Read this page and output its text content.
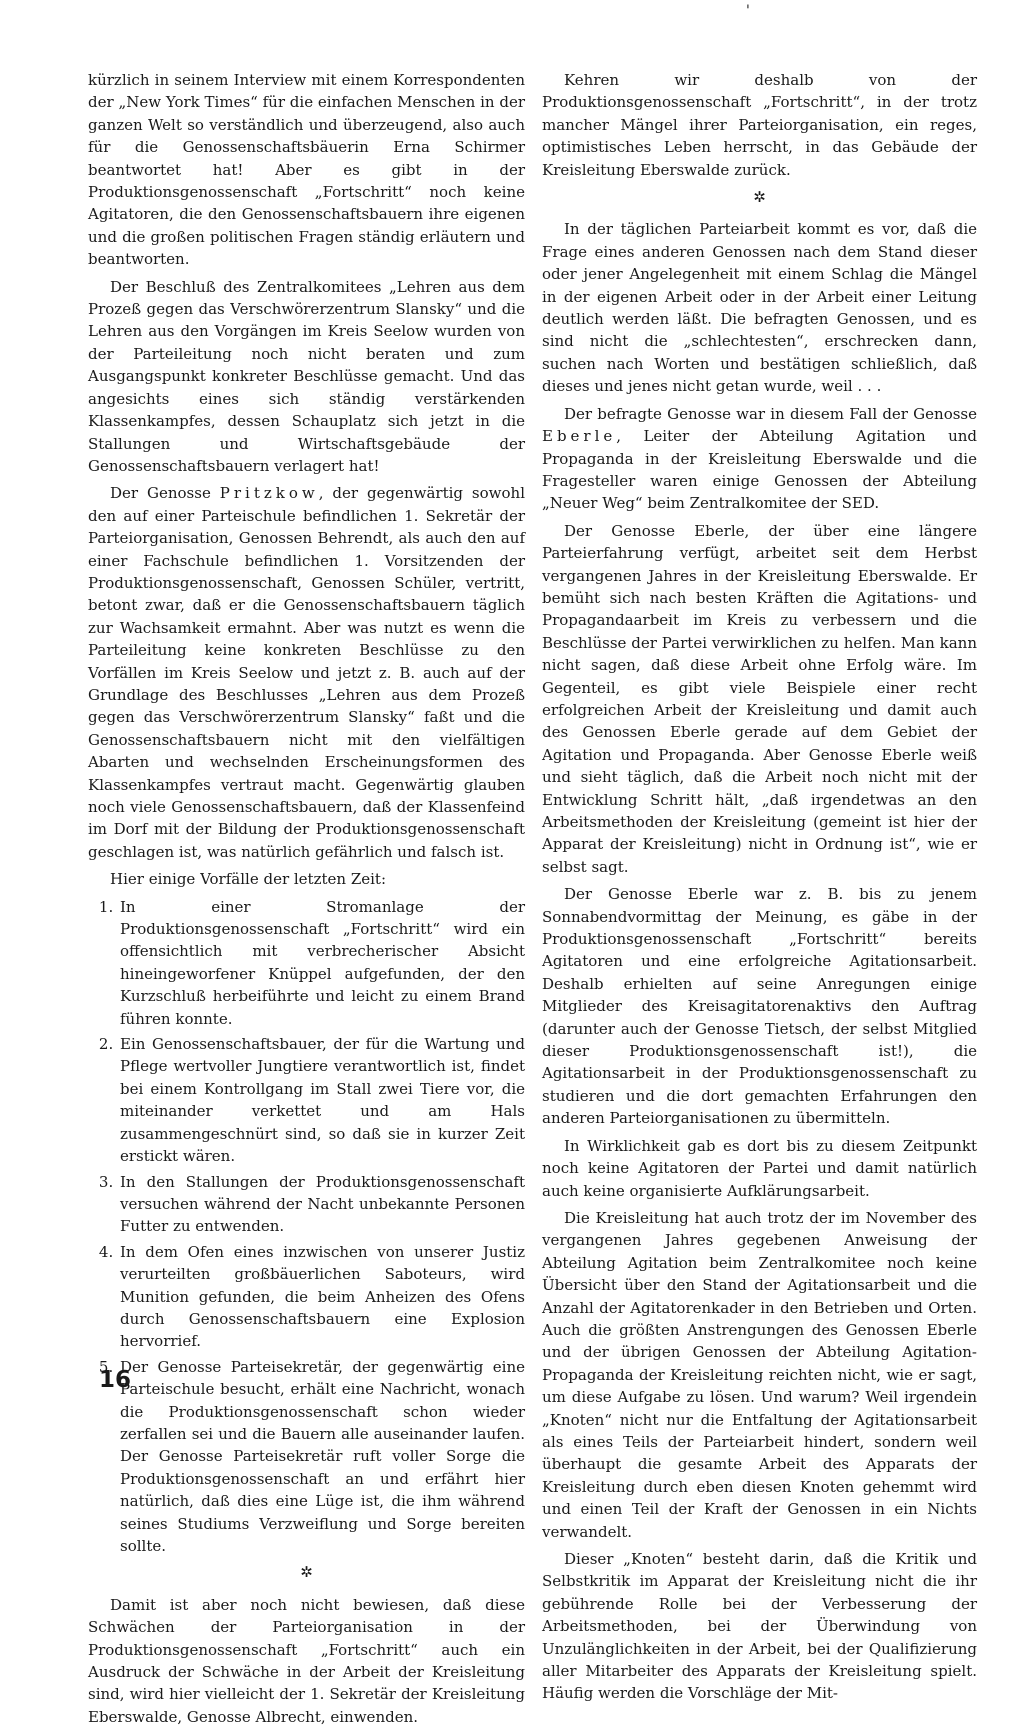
'

kürzlich in seinem Interview mit einem Korrespondenten der „New York Times“ für die einfachen Menschen in der ganzen Welt so verständlich und überzeugend, also auch für die Genossenschaftsbäuerin Erna Schirmer beantwortet hat! Aber es gibt in der Produktionsgenossenschaft „Fortschritt“ noch keine Agitatoren, die den Genossenschaftsbauern ihre eigenen und die großen politischen Fragen ständig erläutern und beantworten.

Der Beschluß des Zentralkomitees „Lehren aus dem Prozeß gegen das Verschwörerzentrum Slansky“ und die Lehren aus den Vorgängen im Kreis Seelow wurden von der Parteileitung noch nicht beraten und zum Ausgangspunkt konkreter Beschlüsse gemacht. Und das angesichts eines sich ständig verstärkenden Klassenkampfes, dessen Schauplatz sich jetzt in die Stallungen und Wirtschaftsgebäude der Genossenschaftsbauern verlagert hat!

Der Genosse Pritzkow, der gegenwärtig sowohl den auf einer Parteischule befindlichen 1. Sekretär der Parteiorganisation, Genossen Behrendt, als auch den auf einer Fachschule befindlichen 1. Vorsitzenden der Produktionsgenossenschaft, Genossen Schüler, vertritt, betont zwar, daß er die Genossenschaftsbauern täglich zur Wachsamkeit ermahnt. Aber was nutzt es wenn die Parteileitung keine konkreten Beschlüsse zu den Vorfällen im Kreis Seelow und jetzt z. B. auch auf der Grundlage des Beschlusses „Lehren aus dem Prozeß gegen das Verschwörerzentrum Slansky“ faßt und die Genossenschaftsbauern nicht mit den vielfältigen Abarten und wechselnden Erscheinungsformen des Klassenkampfes vertraut macht. Gegenwärtig glauben noch viele Genossenschaftsbauern, daß der Klassenfeind im Dorf mit der Bildung der Produktionsgenossenschaft geschlagen ist, was natürlich gefährlich und falsch ist.

Hier einige Vorfälle der letzten Zeit:

1. In einer Stromanlage der Produktionsgenossenschaft „Fortschritt“ wird ein offensichtlich mit verbrecherischer Absicht hineingeworfener Knüppel aufgefunden, der den Kurzschluß herbeiführte und leicht zu einem Brand führen konnte.
2. Ein Genossenschaftsbauer, der für die Wartung und Pflege wertvoller Jungtiere verantwortlich ist, findet bei einem Kontrollgang im Stall zwei Tiere vor, die miteinander verkettet und am Hals zusammengeschnürt sind, so daß sie in kurzer Zeit erstickt wären.
3. In den Stallungen der Produktionsgenossenschaft versuchen während der Nacht unbekannte Personen Futter zu entwenden.
4. In dem Ofen eines inzwischen von unserer Justiz verurteilten großbäuerlichen Saboteurs, wird Munition gefunden, die beim Anheizen des Ofens durch Genossenschaftsbauern eine Explosion hervorrief.
5. Der Genosse Parteisekretär, der gegenwärtig eine Parteischule besucht, erhält eine Nachricht, wonach die Produktionsgenossenschaft schon wieder zerfallen sei und die Bauern alle auseinander laufen. Der Genosse Parteisekretär ruft voller Sorge die Produktionsgenossenschaft an und erfährt hier natürlich, daß dies eine Lüge ist, die ihm während seines Studiums Verzweiflung und Sorge bereiten sollte.
✲

Damit ist aber noch nicht bewiesen, daß diese Schwächen der Parteiorganisation in der Produktionsgenossenschaft „Fortschritt“ auch ein Ausdruck der Schwäche in der Arbeit der Kreisleitung sind, wird hier vielleicht der 1. Sekretär der Kreisleitung Eberswalde, Genosse Albrecht, einwenden.

Kehren wir deshalb von der Produktionsgenossenschaft „Fortschritt“, in der trotz mancher Mängel ihrer Parteiorganisation, ein reges, optimistisches Leben herrscht, in das Gebäude der Kreisleitung Eberswalde zurück.

✲

In der täglichen Parteiarbeit kommt es vor, daß die Frage eines anderen Genossen nach dem Stand dieser oder jener Angelegenheit mit einem Schlag die Mängel in der eigenen Arbeit oder in der Arbeit einer Leitung deutlich werden läßt. Die befragten Genossen, und es sind nicht die „schlechtesten“, erschrecken dann, suchen nach Worten und bestätigen schließlich, daß dieses und jenes nicht getan wurde, weil . . .

Der befragte Genosse war in diesem Fall der Genosse Eberle, Leiter der Abteilung Agitation und Propaganda in der Kreisleitung Eberswalde und die Fragesteller waren einige Genossen der Abteilung „Neuer Weg“ beim Zentralkomitee der SED.

Der Genosse Eberle, der über eine längere Parteierfahrung verfügt, arbeitet seit dem Herbst vergangenen Jahres in der Kreisleitung Eberswalde. Er bemüht sich nach besten Kräften die Agitations- und Propagandaarbeit im Kreis zu verbessern und die Beschlüsse der Partei verwirklichen zu helfen. Man kann nicht sagen, daß diese Arbeit ohne Erfolg wäre. Im Gegenteil, es gibt viele Beispiele einer recht erfolgreichen Arbeit der Kreisleitung und damit auch des Genossen Eberle gerade auf dem Gebiet der Agitation und Propaganda. Aber Genosse Eberle weiß und sieht täglich, daß die Arbeit noch nicht mit der Entwicklung Schritt hält, „daß irgendetwas an den Arbeitsmethoden der Kreisleitung (gemeint ist hier der Apparat der Kreisleitung) nicht in Ordnung ist“, wie er selbst sagt.

Der Genosse Eberle war z. B. bis zu jenem Sonnabendvormittag der Meinung, es gäbe in der Produktionsgenossenschaft „Fortschritt“ bereits Agitatoren und eine erfolgreiche Agitationsarbeit. Deshalb erhielten auf seine Anregungen einige Mitglieder des Kreisagitatorenaktivs den Auftrag (darunter auch der Genosse Tietsch, der selbst Mitglied dieser Produktionsgenossenschaft ist!), die Agitationsarbeit in der Produktionsgenossenschaft zu studieren und die dort gemachten Erfahrungen den anderen Parteiorganisationen zu übermitteln.

In Wirklichkeit gab es dort bis zu diesem Zeitpunkt noch keine Agitatoren der Partei und damit natürlich auch keine organisierte Aufklärungsarbeit.

Die Kreisleitung hat auch trotz der im November des vergangenen Jahres gegebenen Anweisung der Abteilung Agitation beim Zentralkomitee noch keine Übersicht über den Stand der Agitationsarbeit und die Anzahl der Agitatorenkader in den Betrieben und Orten. Auch die größten Anstrengungen des Genossen Eberle und der übrigen Genossen der Abteilung Agitation-Propaganda der Kreisleitung reichten nicht, wie er sagt, um diese Aufgabe zu lösen. Und warum? Weil irgendein „Knoten“ nicht nur die Entfaltung der Agitationsarbeit als eines Teils der Parteiarbeit hindert, sondern weil überhaupt die gesamte Arbeit des Apparats der Kreisleitung durch eben diesen Knoten gehemmt wird und einen Teil der Kraft der Genossen in ein Nichts verwandelt.

Dieser „Knoten“ besteht darin, daß die Kritik und Selbstkritik im Apparat der Kreisleitung nicht die ihr gebührende Rolle bei der Verbesserung der Arbeitsmethoden, bei der Überwindung von Unzulänglichkeiten in der Arbeit, bei der Qualifizierung aller Mitarbeiter des Apparats der Kreisleitung spielt. Häufig werden die Vorschläge der Mit-

16
